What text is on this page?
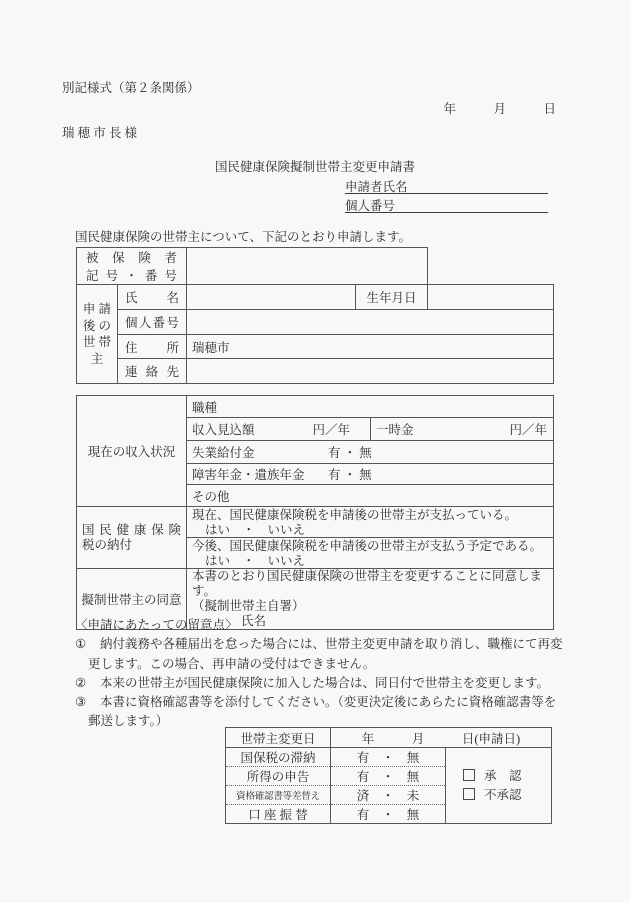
別記様式（第２条関係）
年　　　月　　　日
瑞 穂 市 長 様
国民健康保険擬制世帯主変更申請書
申請者氏名
個人番号
国民健康保険の世帯主について、下記のとおり申請します。
被保険者
記号・番号				

申 請
後 の
世 帯
主	氏名		生年月日	

	個人番号			

	住所	瑞穂市		

	連絡先			

現在の収入状況	職種	

	収入見込額 円／年	一時金 円／年

	失業給付金 有 ・ 無	

	障害年金・遺族年金 有 ・ 無	

	その他	

国民健康保険
税の納付

現在、国民健康保険税を申請後の世帯主が支払っている。
はい　・　いいえ

	今後、国民健康保険税を申請後の世帯主が支払う予定である。
はい　・　いいえ	

擬制世帯主の同意	本書のとおり国民健康保険の世帯主を変更することに同意します。
（擬制世帯主自署）
氏名	
〈申請にあたっての留意点〉
① 納付義務や各種届出を怠った場合には、世帯主変更申請を取り消し、職権にて再変
更します。この場合、再申請の受付はできません。
② 本来の世帯主が国民健康保険に加入した場合は、同日付で世帯主を変更します。
③ 本書に資格確認書等を添付してください。（変更決定後にあらたに資格確認書等を
郵送します。）
世帯主変更日	年　　　月　　　日(申請日)	

国保税の滞納	有　・　無	承　認
不承認

所得の申告	有　・　無	

資格確認書等差替え	済　・　未	

口 座 振 替	有　・　無	
